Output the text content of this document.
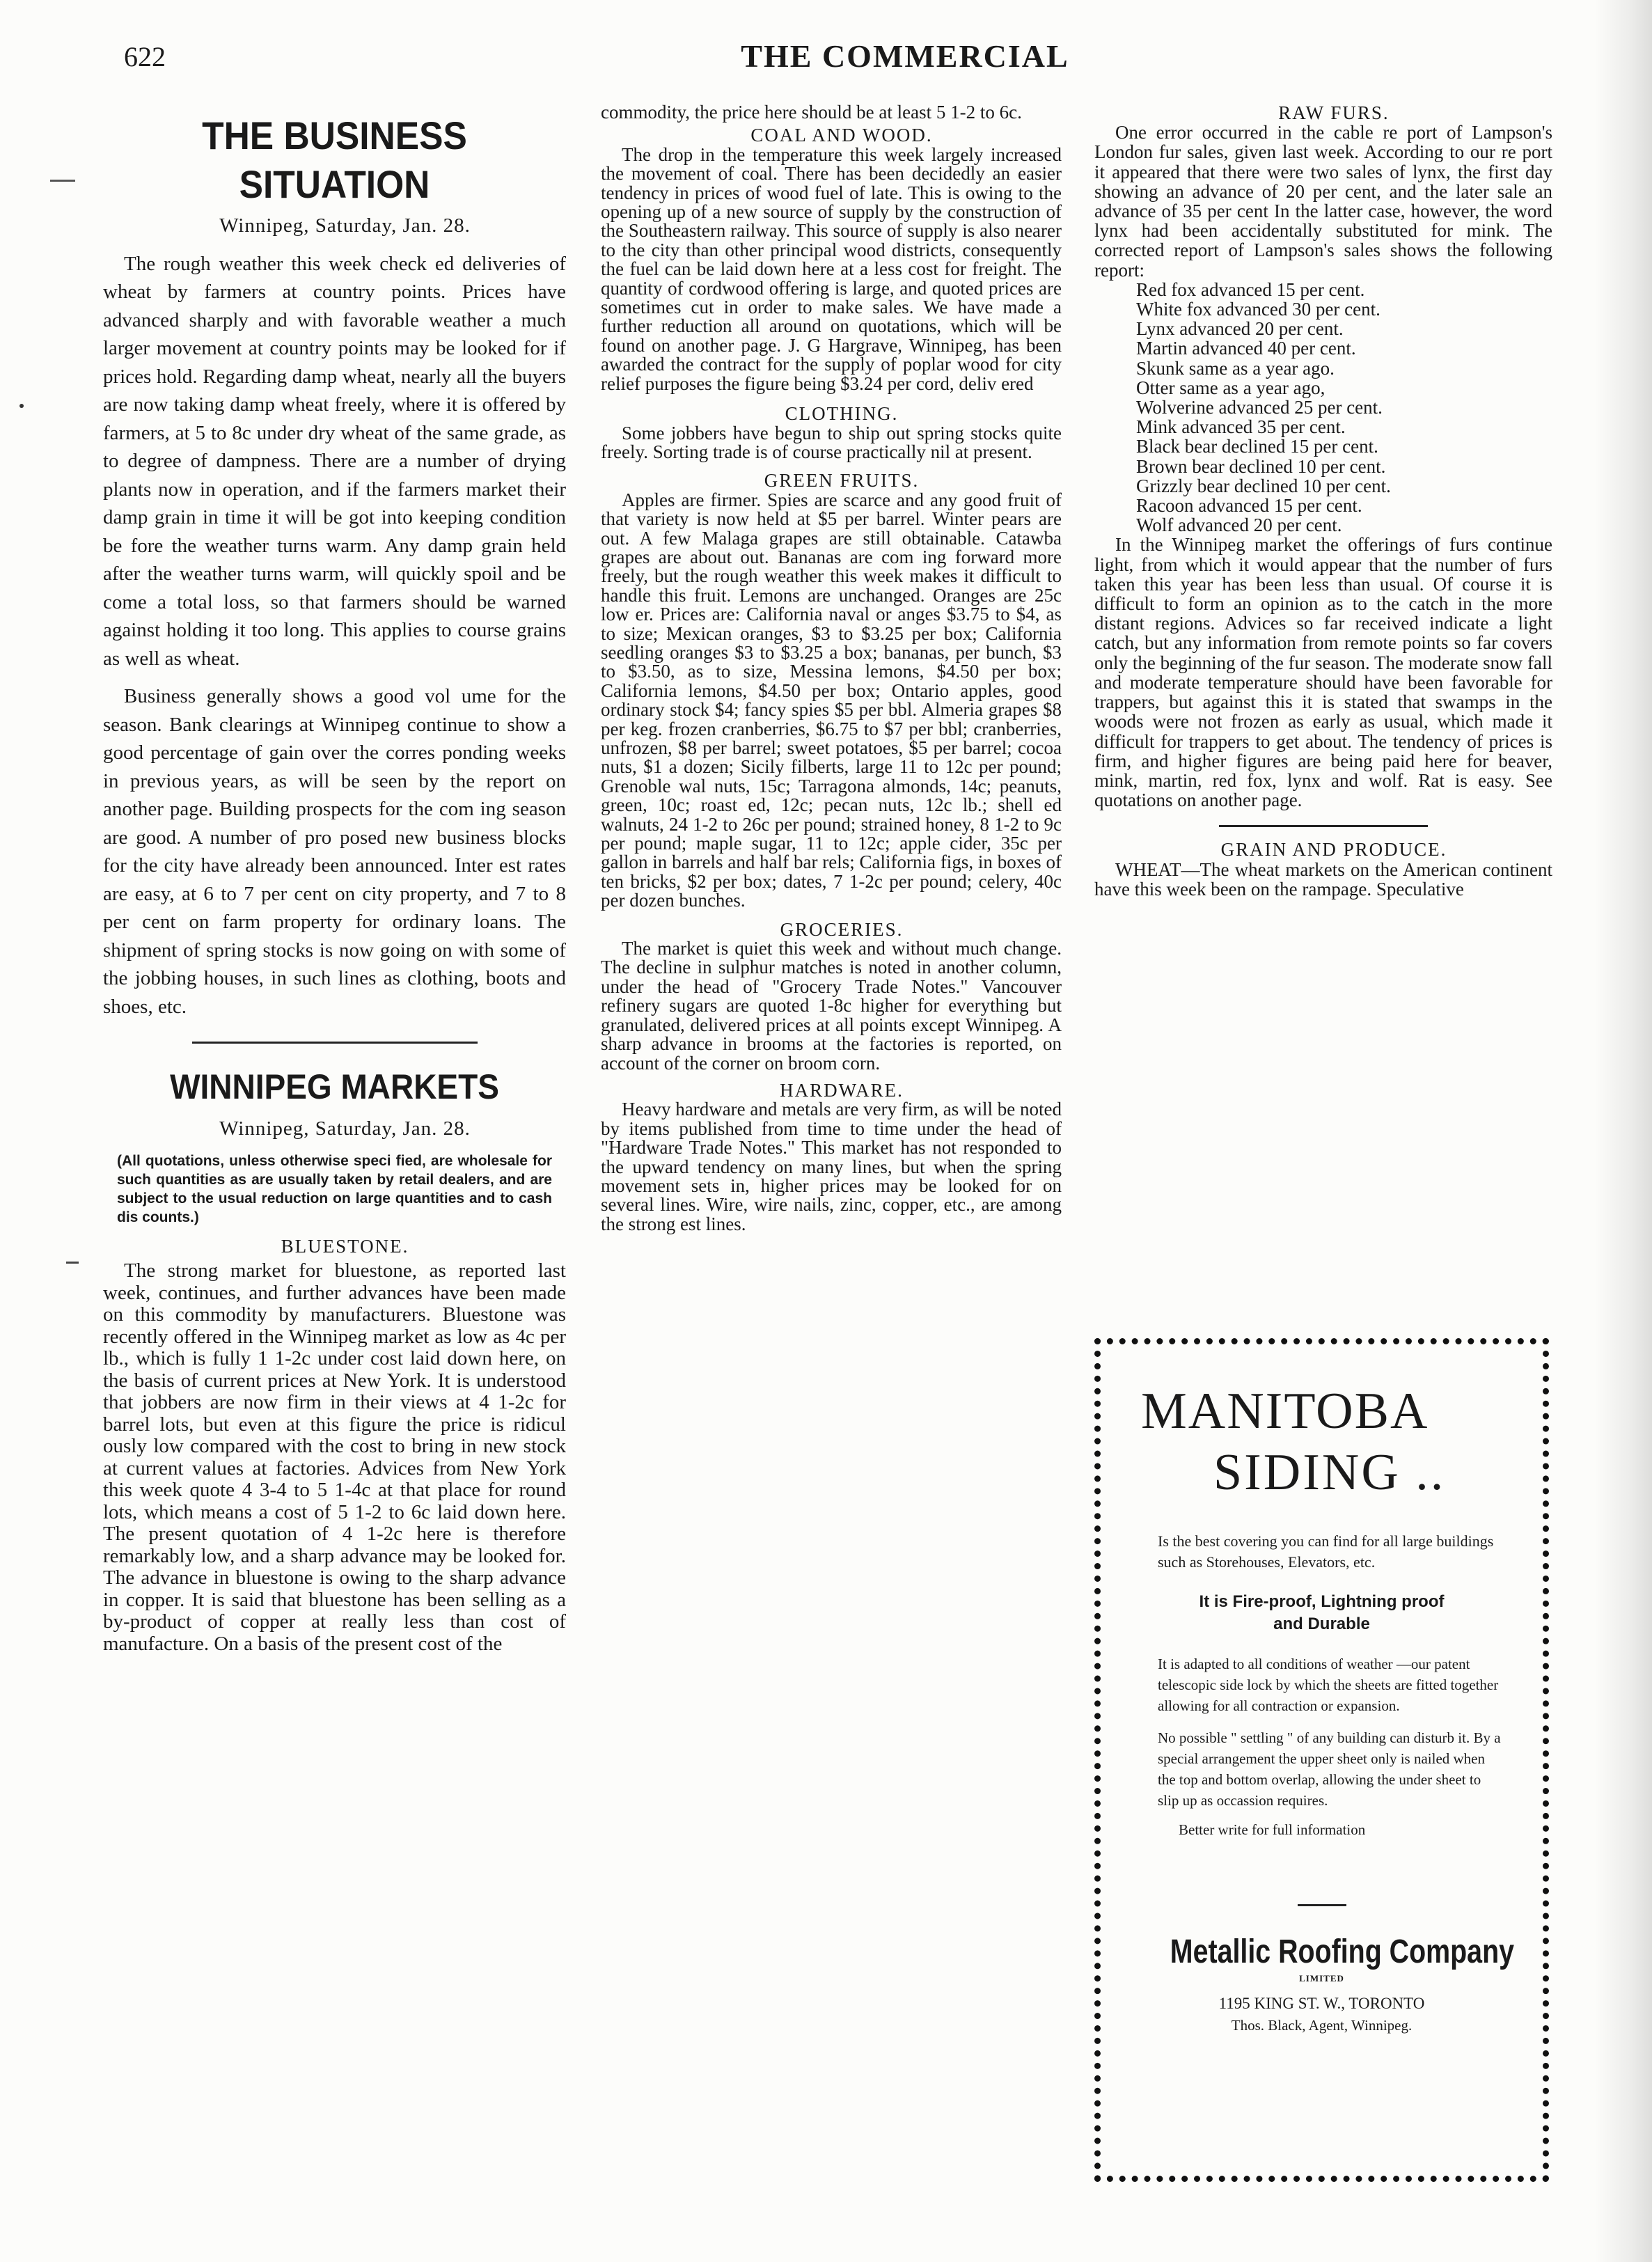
622	THE COMMERCIAL
THE BUSINESS SITUATION

Winnipeg, Saturday, Jan. 28.

The rough weather this week check ed deliveries of wheat by farmers at country points. Prices have advanced sharply and with favorable weather a much larger movement at country points may be looked for if prices hold. Regarding damp wheat, nearly all the buyers are now taking damp wheat freely, where it is offered by farmers, at 5 to 8c under dry wheat of the same grade, as to degree of dampness. There are a number of drying plants now in operation, and if the farmers market their damp grain in time it will be got into keeping condition be fore the weather turns warm. Any damp grain held after the weather turns warm, will quickly spoil and be come a total loss, so that farmers should be warned against holding it too long. This applies to course grains as well as wheat.

Business generally shows a good vol ume for the season. Bank clearings at Winnipeg continue to show a good percentage of gain over the corres ponding weeks in previous years, as will be seen by the report on another page. Building prospects for the com ing season are good. A number of pro posed new business blocks for the city have already been announced. Inter est rates are easy, at 6 to 7 per cent on city property, and 7 to 8 per cent on farm property for ordinary loans. The shipment of spring stocks is now going on with some of the jobbing houses, in such lines as clothing, boots and shoes, etc.

WINNIPEG MARKETS

Winnipeg, Saturday, Jan. 28.

(All quotations, unless otherwise speci fied, are wholesale for such quantities as are usually taken by retail dealers, and are subject to the usual reduction on large quantities and to cash dis counts.)

BLUESTONE.

The strong market for bluestone, as reported last week, continues, and further advances have been made on this commodity by manufacturers. Bluestone was recently offered in the Winnipeg market as low as 4c per lb., which is fully 1 1-2c under cost laid down here, on the basis of current prices at New York. It is understood that jobbers are now firm in their views at 4 1-2c for barrel lots, but even at this figure the price is ridicul ously low compared with the cost to bring in new stock at current values at factories. Advices from New York this week quote 4 3-4 to 5 1-4c at that place for round lots, which means a cost of 5 1-2 to 6c laid down here. The present quotation of 4 1-2c here is therefore remarkably low, and a sharp advance may be looked for. The advance in bluestone is owing to the sharp advance in copper. It is said that bluestone has been selling as a by-product of copper at really less than cost of manufacture. On a basis of the present cost of the

commodity, the price here should be at least 5 1-2 to 6c.

COAL AND WOOD.

The drop in the temperature this week largely increased the movement of coal. There has been decidedly an easier tendency in prices of wood fuel of late. This is owing to the opening up of a new source of supply by the construction of the Southeastern railway. This source of supply is also nearer to the city than other principal wood districts, consequently the fuel can be laid down here at a less cost for freight. The quantity of cordwood offering is large, and quoted prices are sometimes cut in order to make sales. We have made a further reduction all around on quotations, which will be found on another page. J. G Hargrave, Winnipeg, has been awarded the contract for the supply of poplar wood for city relief purposes the figure being $3.24 per cord, deliv ered

CLOTHING.

Some jobbers have begun to ship out spring stocks quite freely. Sorting trade is of course practically nil at present.

GREEN FRUITS.

Apples are firmer. Spies are scarce and any good fruit of that variety is now held at $5 per barrel. Winter pears are out. A few Malaga grapes are still obtainable. Catawba grapes are about out. Bananas are com ing forward more freely, but the rough weather this week makes it difficult to handle this fruit. Lemons are unchanged. Oranges are 25c low er. Prices are: California naval or anges $3.75 to $4, as to size; Mexican oranges, $3 to $3.25 per box; California seedling oranges $3 to $3.25 a box; bananas, per bunch, $3 to $3.50, as to size, Messina lemons, $4.50 per box; California lemons, $4.50 per box; Ontario apples, good ordinary stock $4; fancy spies $5 per bbl. Almeria grapes $8 per keg. frozen cranberries, $6.75 to $7 per bbl; cranberries, unfrozen, $8 per barrel; sweet potatoes, $5 per barrel; cocoa nuts, $1 a dozen; Sicily filberts, large 11 to 12c per pound; Grenoble wal nuts, 15c; Tarragona almonds, 14c; peanuts, green, 10c; roast ed, 12c; pecan nuts, 12c lb.; shell ed walnuts, 24 1-2 to 26c per pound; strained honey, 8 1-2 to 9c per pound; maple sugar, 11 to 12c; apple cider, 35c per gallon in barrels and half bar rels; California figs, in boxes of ten bricks, $2 per box; dates, 7 1-2c per pound; celery, 40c per dozen bunches.

GROCERIES.

The market is quiet this week and without much change. The decline in sulphur matches is noted in another column, under the head of "Grocery Trade Notes." Vancouver refinery sugars are quoted 1-8c higher for everything but granulated, delivered prices at all points except Winnipeg. A sharp advance in brooms at the factories is reported, on account of the corner on broom corn.

HARDWARE.

Heavy hardware and metals are very firm, as will be noted by items published from time to time under the head of "Hardware Trade Notes." This market has not responded to the upward tendency on many lines, but when the spring movement sets in, higher prices may be looked for on several lines. Wire, wire nails, zinc, copper, etc., are among the strong est lines.

RAW FURS.

One error occurred in the cable re port of Lampson's London fur sales, given last week. According to our re port it appeared that there were two sales of lynx, the first day showing an advance of 20 per cent, and the later sale an advance of 35 per cent In the latter case, however, the word lynx had been accidentally substituted for mink. The corrected report of Lampson's sales shows the following report:

Red fox advanced 15 per cent.

White fox advanced 30 per cent.

Lynx advanced 20 per cent.

Martin advanced 40 per cent.

Skunk same as a year ago.

Otter same as a year ago,

Wolverine advanced 25 per cent.

Mink advanced 35 per cent.

Black bear declined 15 per cent.

Brown bear declined 10 per cent.

Grizzly bear declined 10 per cent.

Racoon advanced 15 per cent.

Wolf advanced 20 per cent.

In the Winnipeg market the offerings of furs continue light, from which it would appear that the number of furs taken this year has been less than usual. Of course it is difficult to form an opinion as to the catch in the more distant regions. Advices so far received indicate a light catch, but any information from remote points so far covers only the beginning of the fur season. The moderate snow fall and moderate temperature should have been favorable for trappers, but against this it is stated that swamps in the woods were not frozen as early as usual, which made it difficult for trappers to get about. The tendency of prices is firm, and higher figures are being paid here for beaver, mink, martin, red fox, lynx and wolf. Rat is easy. See quotations on another page.

GRAIN AND PRODUCE.

WHEAT—The wheat markets on the American continent have this week been on the rampage. Speculative

MANITOBA

SIDING ..

Is the best covering you can find for all large buildings such as Storehouses, Elevators, etc.

It is Fire-proof, Lightning proof and Durable

It is adapted to all conditions of weather —our patent telescopic side lock by which the sheets are fitted together allowing for all contraction or expansion.

No possible " settling " of any building can disturb it. By a special arrangement the upper sheet only is nailed when the top and bottom overlap, allowing the under sheet to slip up as occassion requires.

Better write for full information

Metallic Roofing Company

LIMITED

1195 KING ST. W., TORONTO

Thos. Black, Agent, Winnipeg.
